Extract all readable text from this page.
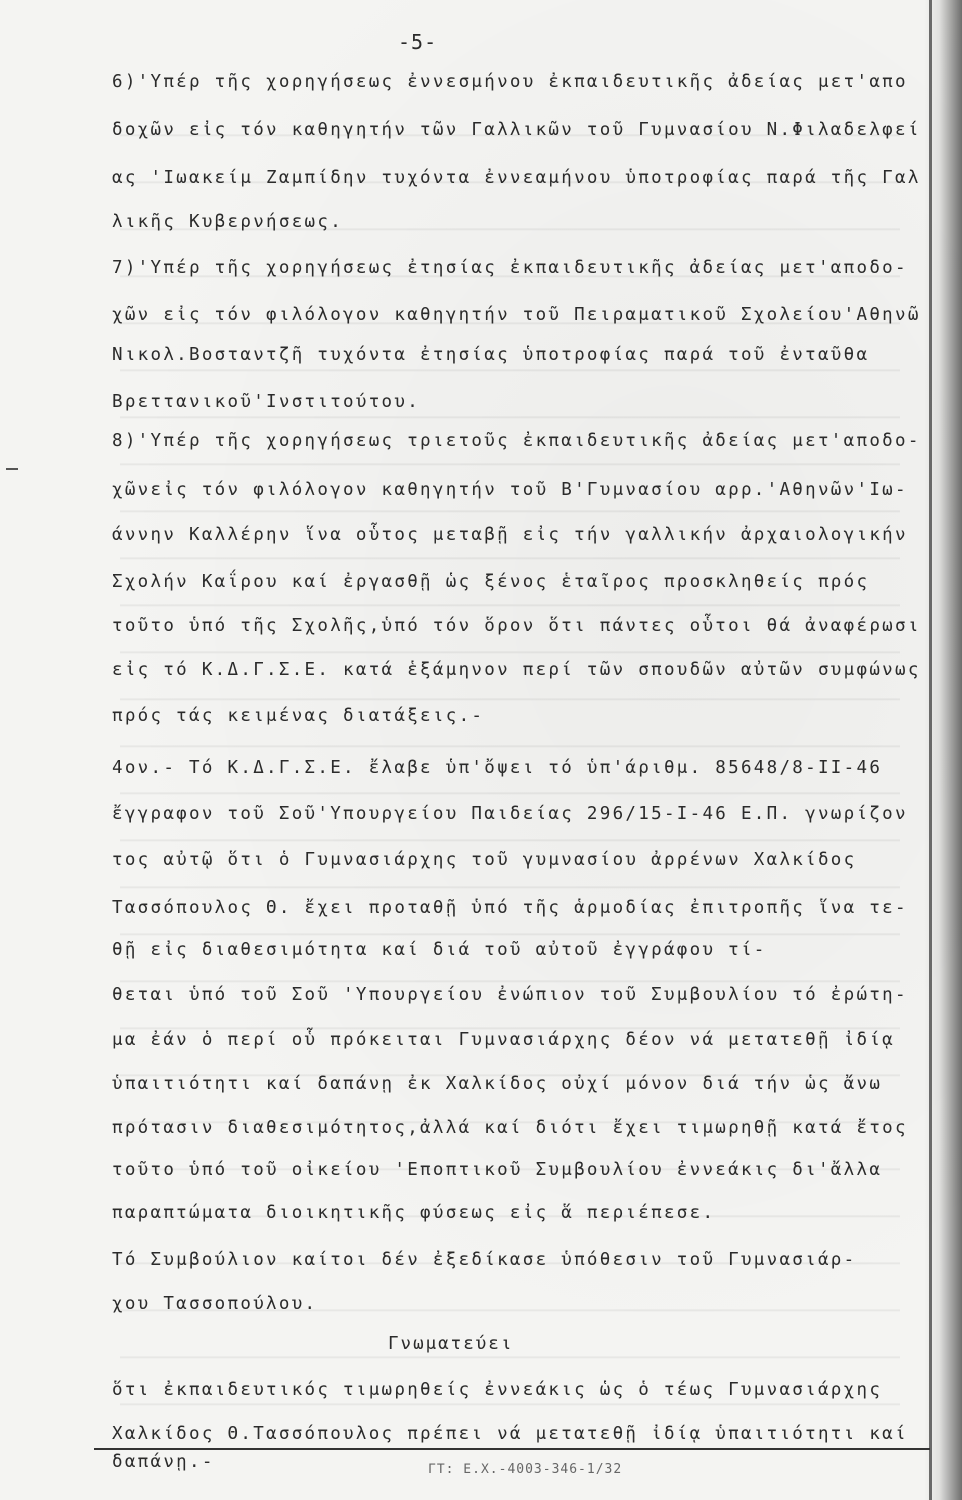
-5-
6)'Υπέρ τῆς χορηγήσεως ἐννεσμήνου ἐκπαιδευτικῆς ἀδείας μετ'απο
δοχῶν εἰς τόν καθηγητήν τῶν Γαλλικῶν τοῦ Γυμνασίου Ν.Φιλαδελφεί
ας 'Ιωακείμ Ζαμπίδην τυχόντα ἐννεαμήνου ὑποτροφίας παρά τῆς Γαλ
λικῆς Κυβερνήσεως.
7)'Υπέρ τῆς χορηγήσεως ἐτησίας ἐκπαιδευτικῆς ἀδείας μετ'αποδο-
χῶν εἰς τόν φιλόλογον καθηγητήν τοῦ Πειραματικοῦ Σχολείου'Αθηνῶ
Νικολ.Βοσταντζῆ τυχόντα ἐτησίας ὑποτροφίας παρά τοῦ ἐνταῦθα
Βρεττανικοῦ'Ινστιτούτου.
8)'Υπέρ τῆς χορηγήσεως τριετοῦς ἐκπαιδευτικῆς ἀδείας μετ'αποδο-
χῶνεἰς τόν φιλόλογον καθηγητήν τοῦ Β'Γυμνασίου αρρ.'Αθηνῶν'Ιω-
άννην Καλλέρην ἵνα οὗτος μεταβῇ εἰς τήν γαλλικήν ἀρχαιολογικήν
Σχολήν Καΐρου καί ἐργασθῇ ὡς ξένος ἑταῖρος προσκληθείς πρός
τοῦτο ὑπό τῆς Σχολῆς,ὑπό τόν ὅρον ὅτι πάντες οὗτοι θά ἀναφέρωσι
εἰς τό Κ.Δ.Γ.Σ.Ε. κατά ἑξάμηνον περί τῶν σπουδῶν αὐτῶν συμφώνως
πρός τάς κειμένας διατάξεις.-
4ον.- Τό Κ.Δ.Γ.Σ.Ε. ἔλαβε ὑπ'ὄψει τό ὑπ'άριθμ. 85648/8-ΙΙ-46
ἔγγραφον τοῦ Σοῦ'Υπουργείου Παιδείας 296/15-Ι-46 Ε.Π. γνωρίζον
τος αὐτῷ ὅτι ὁ Γυμνασιάρχης τοῦ γυμνασίου ἀρρένων Χαλκίδος
Τασσόπουλος Θ. ἔχει προταθῇ ὑπό τῆς ἁρμοδίας ἐπιτροπῆς ἵνα τε-
θῇ εἰς διαθεσιμότητα καί διά τοῦ αὐτοῦ ἐγγράφου τί-
θεται ὑπό τοῦ Σοῦ 'Υπουργείου ἐνώπιον τοῦ Συμβουλίου τό ἐρώτη-
μα ἐάν ὁ περί οὗ πρόκειται Γυμνασιάρχης δέον νά μετατεθῇ ἰδίᾳ
ὑπαιτιότητι καί δαπάνῃ ἐκ Χαλκίδος οὐχί μόνον διά τήν ὡς ἄνω
πρότασιν διαθεσιμότητος,ἀλλά καί διότι ἔχει τιμωρηθῇ κατά ἔτος
τοῦτο ὑπό τοῦ οἰκείου 'Εποπτικοῦ Συμβουλίου ἐννεάκις δι'ἄλλα
παραπτώματα διοικητικῆς φύσεως εἰς ἅ περιέπεσε.
Τό Συμβούλιον καίτοι δέν ἐξεδίκασε ὑπόθεσιν τοῦ Γυμνασιάρ-
χου Τασσοπούλου.
Γνωματεύει
ὅτι ἐκπαιδευτικός τιμωρηθείς ἐννεάκις ὡς ὁ τέως Γυμνασιάρχης
Χαλκίδος Θ.Τασσόπουλος πρέπει νά μετατεθῇ ἰδίᾳ ὑπαιτιότητι καί
δαπάνῃ.-	ΓΤ: Ε.Χ.-4003-346-1/32
